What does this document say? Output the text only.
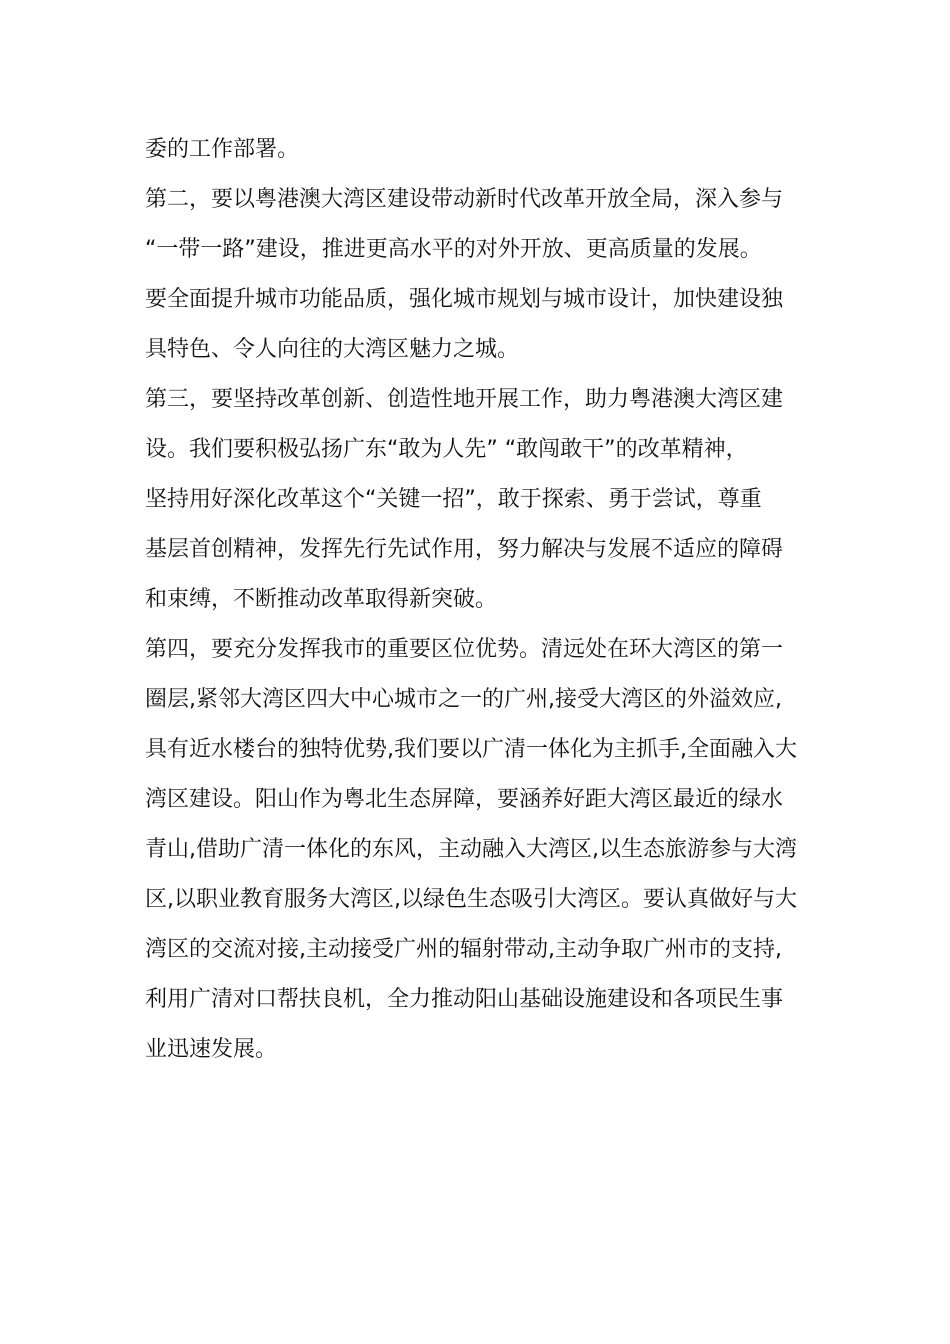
委的工作部署。
第二，要以粤港澳大湾区建设带动新时代改革开放全局，深入参与
“一带一路”建设，推进更高水平的对外开放、更高质量的发展。
要全面提升城市功能品质，强化城市规划与城市设计，加快建设独
具特色、令人向往的大湾区魅力之城。
第三，要坚持改革创新、创造性地开展工作，助力粤港澳大湾区建
设。我们要积极弘扬广东“敢为人先” “敢闯敢干”的改革精神，
坚持用好深化改革这个“关键一招”，敢于探索、勇于尝试，尊重
基层首创精神，发挥先行先试作用，努力解决与发展不适应的障碍
和束缚，不断推动改革取得新突破。
第四，要充分发挥我市的重要区位优势。清远处在环大湾区的第一
圈层,紧邻大湾区四大中心城市之一的广州,接受大湾区的外溢效应,
具有近水楼台的独特优势,我们要以广清一体化为主抓手,全面融入大
湾区建设。阳山作为粤北生态屏障，要涵养好距大湾区最近的绿水
青山,借助广清一体化的东风，主动融入大湾区,以生态旅游参与大湾
区,以职业教育服务大湾区,以绿色生态吸引大湾区。要认真做好与大
湾区的交流对接,主动接受广州的辐射带动,主动争取广州市的支持,
利用广清对口帮扶良机，全力推动阳山基础设施建设和各项民生事
业迅速发展。
